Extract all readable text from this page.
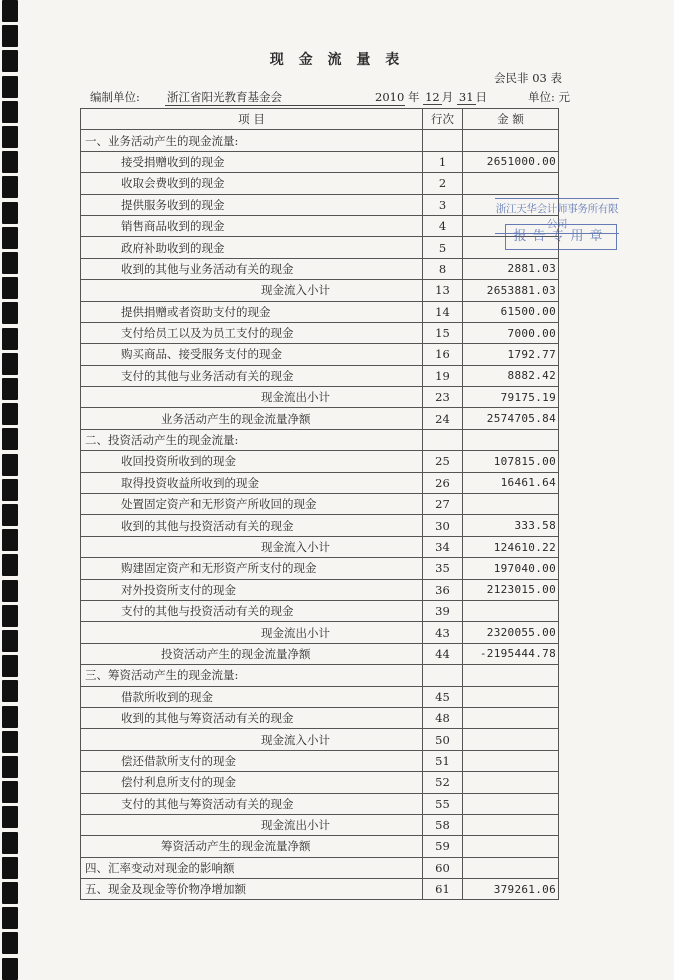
现 金 流 量 表
会民非 03 表
编制单位: 浙江省阳光教育基金会	2010 年 12 月 31 日	单位: 元
项 目	行次	金 额
一、业务活动产生的现金流量:		
接受捐赠收到的现金	1	2651000.00
收取会费收到的现金	2	
提供服务收到的现金	3	
销售商品收到的现金	4	
政府补助收到的现金	5	
收到的其他与业务活动有关的现金	8	2881.03
现金流入小计	13	2653881.03
提供捐赠或者资助支付的现金	14	61500.00
支付给员工以及为员工支付的现金	15	7000.00
购买商品、接受服务支付的现金	16	1792.77
支付的其他与业务活动有关的现金	19	8882.42
现金流出小计	23	79175.19
业务活动产生的现金流量净额	24	2574705.84
二、投资活动产生的现金流量:		
收回投资所收到的现金	25	107815.00
取得投资收益所收到的现金	26	16461.64
处置固定资产和无形资产所收回的现金	27	
收到的其他与投资活动有关的现金	30	333.58
现金流入小计	34	124610.22
购建固定资产和无形资产所支付的现金	35	197040.00
对外投资所支付的现金	36	2123015.00
支付的其他与投资活动有关的现金	39	
现金流出小计	43	2320055.00
投资活动产生的现金流量净额	44	-2195444.78
三、筹资活动产生的现金流量:		
借款所收到的现金	45	
收到的其他与筹资活动有关的现金	48	
现金流入小计	50	
偿还借款所支付的现金	51	
偿付利息所支付的现金	52	
支付的其他与筹资活动有关的现金	55	
现金流出小计	58	
筹资活动产生的现金流量净额	59	
四、汇率变动对现金的影响额	60	
五、现金及现金等价物净增加额	61	379261.06
浙江天华会计师事务所有限公司
报告专用章
